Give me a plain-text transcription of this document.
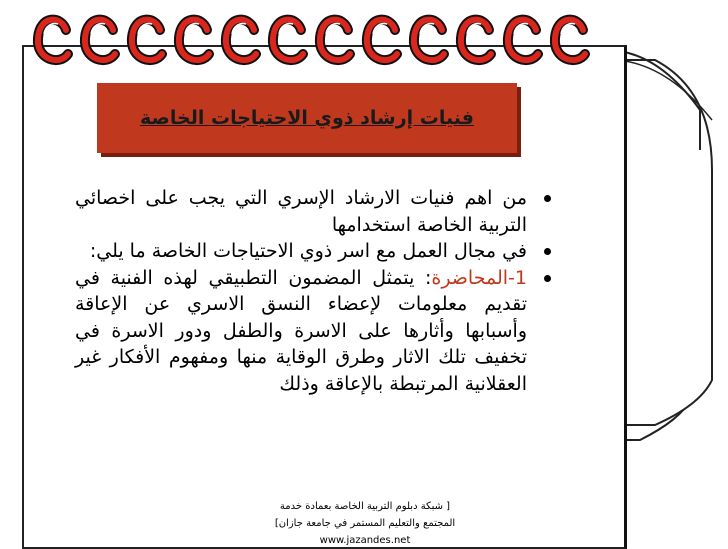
فنيات إرشاد ذوي الاحتياجات الخاصة

من اهم فنيات الارشاد الإسري التي يجب على اخصائي التربية الخاصة استخدامها

في مجال العمل مع اسر ذوي الاحتياجات الخاصة ما يلي:

1-المحاضرة: يتمثل المضمون التطبيقي لهذه الفنية في تقديم معلومات لإعضاء النسق الاسري عن الإعاقة وأسبابها وأثارها على الاسرة والطفل ودور الاسرة في تخفيف تلك الاثار وطرق الوقاية منها ومفهوم الأفكار غير العقلانية المرتبطة بالإعاقة وذلك

[ شبكة دبلوم التربية الخاصة بعمادة خدمة
المجتمع والتعليم المستمر في جامعة جازان]
www.jazandes.net
